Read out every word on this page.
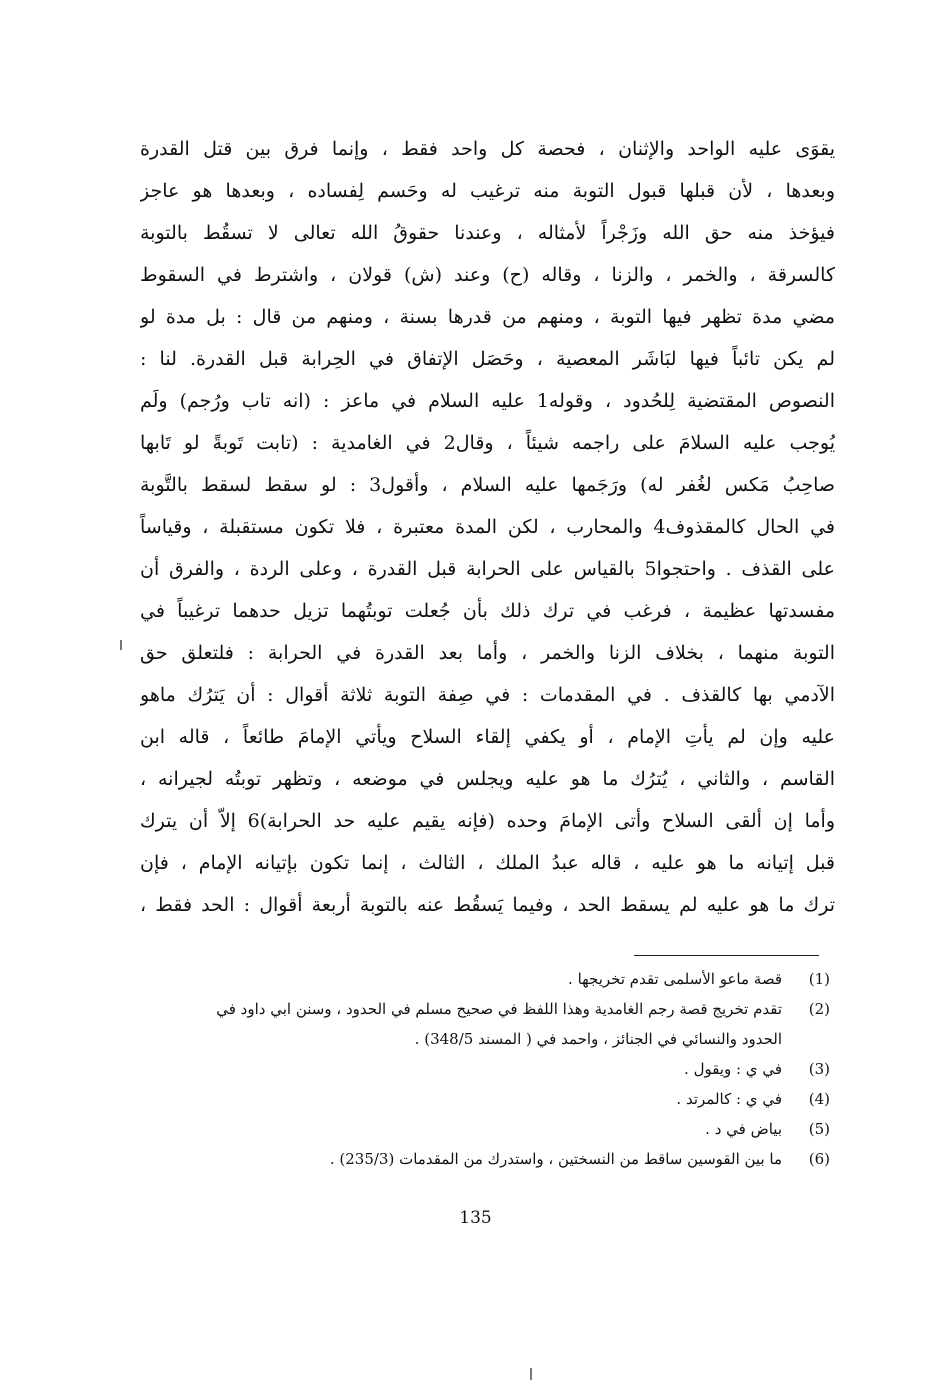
يقوَى عليه الواحد والإثنان ، فحصة كل واحد فقط ، وإنما فرق بين قتل القدرة
وبعدها ، لأن قبلها قبول التوبة منه ترغيب له وحَسم لِفساده ، وبعدها هو عاجز
فيؤخذ منه حق الله وزَجْراً لأمثاله ، وعندنا حقوقُ الله تعالى لا تسقُط بالتوبة
كالسرقة ، والخمر ، والزنا ، وقاله (ح) وعند (ش) قولان ، واشترط في السقوط
مضي مدة تظهر فيها التوبة ، ومنهم من قدرها بسنة ، ومنهم من قال : بل مدة لو
لم يكن تائباً فيها لبَاشَر المعصية ، وحَصَل الإتفاق في الحِرابة قبل القدرة. لنا :
النصوص المقتضية لِلحُدود ، وقوله1 عليه السلام في ماعز : (انه تاب ورُجم) ولَم
يُوجب عليه السلامَ على راجمه شيئاً ، وقال2 في الغامدية : (تابت تَوبةً لو تَابها
صاحِبُ مَكس لغُفر له) ورَجَمها عليه السلام ، وأقول3 : لو سقط لسقط بالتَّوبة
في الحال كالمقذوف4 والمحارب ، لكن المدة معتبرة ، فلا تكون مستقبلة ، وقياساً
على القذف . واحتجوا5 بالقياس على الحرابة قبل القدرة ، وعلى الردة ، والفرق أن
مفسدتها عظيمة ، فرغب في ترك ذلك بأن جُعلت توبتُهما تزيل حدهما ترغيباً في
التوبة منهما ، بخلاف الزنا والخمر ، وأما بعد القدرة في الحرابة : فلتعلق حق
الآدمي بها كالقذف . في المقدمات : في صِفة التوبة ثلاثة أقوال : أن يَترُك ماهو
عليه وإن لم يأتِ الإمام ، أو يكفي إلقاء السلاح ويأتي الإمامَ طائعاً ، قاله ابن
القاسم ، والثاني ، يُترُك ما هو عليه ويجلس في موضعه ، وتظهر توبتُه لجيرانه ،
وأما إن ألقى السلاح وأتى الإمامَ وحده (فإنه يقيم عليه حد الحرابة)6 إلاّ أن يترك
قبل إتيانه ما هو عليه ، قاله عبدُ الملك ، الثالث ، إنما تكون بإتيانه الإمام ، فإن
ترك ما هو عليه لم يسقط الحد ، وفيما يَسقُط عنه بالتوبة أربعة أقوال : الحد فقط ،
(1)
قصة ماعو الأسلمى تقدم تخريجها .
(2)
تقدم تخريج قصة رجم الغامدية وهذا اللفظ في صحيح مسلم في الحدود ، وسنن ابي داود في
الحدود والنسائي في الجنائز ، واحمد في ( المسند 348/5) .
(3)
في ي : ويقول .
(4)
في ي : كالمرتد .
(5)
بياض في د .
(6)
ما بين القوسين ساقط من النسختين ، واستدرك من المقدمات (235/3) .
135
